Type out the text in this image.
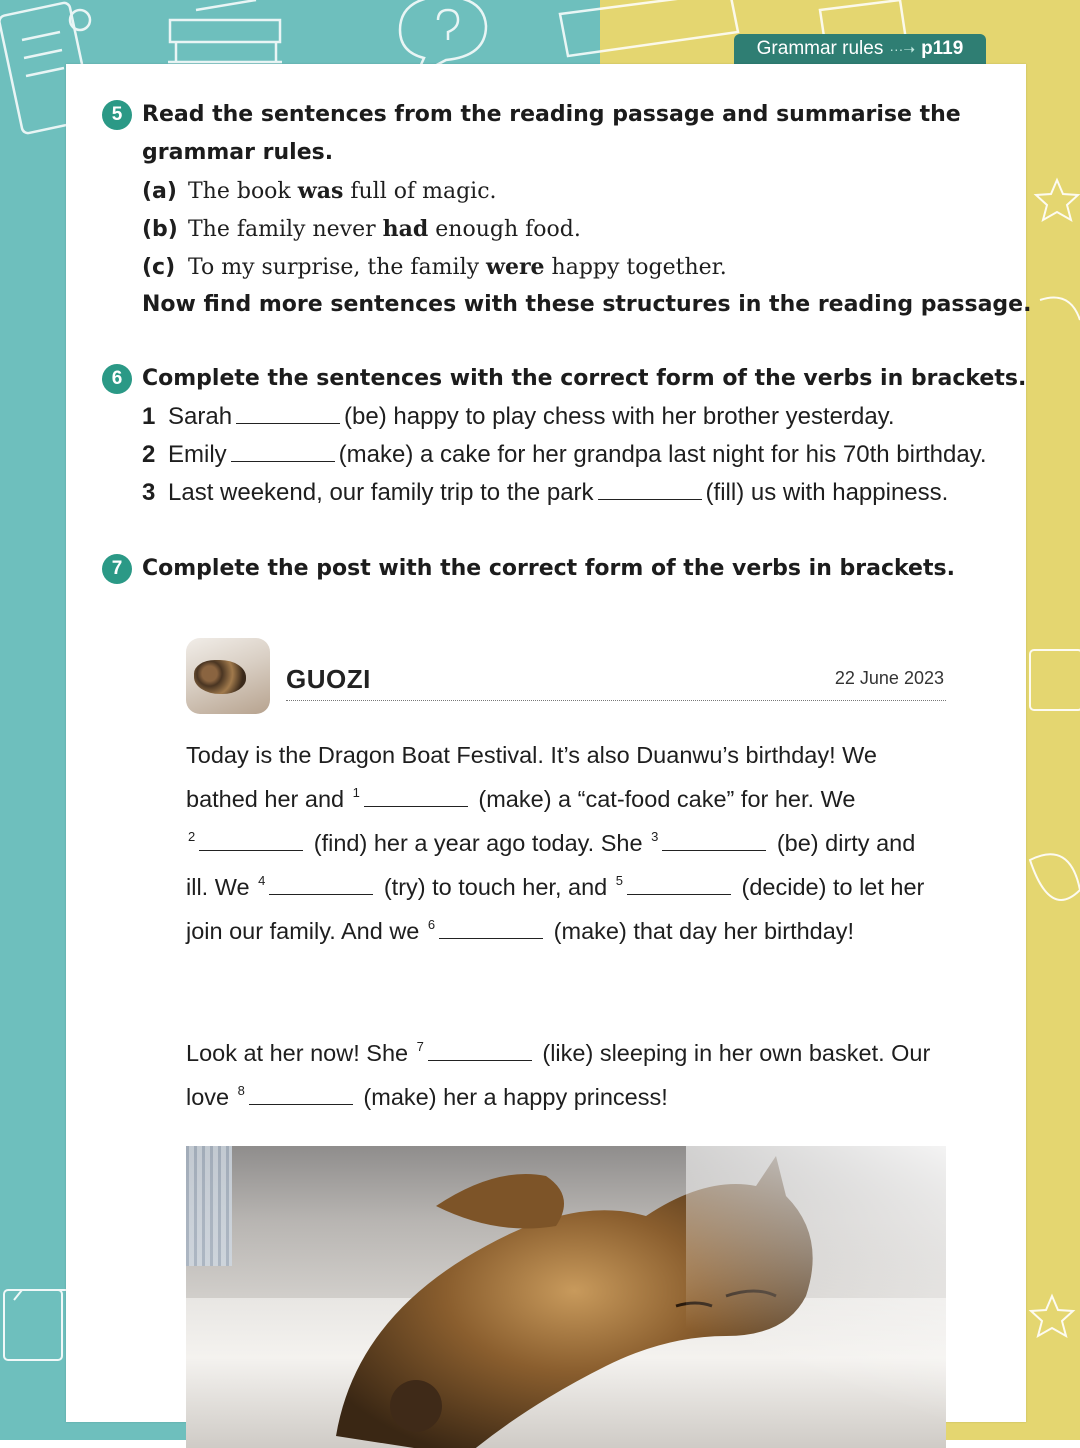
Grammar rules ···➝ p119
5 Read the sentences from the reading passage and summarise the
grammar rules.
(a) The book was full of magic.
(b) The family never had enough food.
(c) To my surprise, the family were happy together.
Now find more sentences with these structures in the reading passage.
6 Complete the sentences with the correct form of the verbs in brackets.
1 Sarah	(be) happy to play chess with her brother yesterday.
2 Emily	(make) a cake for her grandpa last night for his 70th birthday.
3 Last weekend, our family trip to the park	(fill) us with happiness.
7 Complete the post with the correct form of the verbs in brackets.
GUOZI	22 June 2023
Today is the Dragon Boat Festival. It’s also Duanwu’s birthday! We
bathed her and $^1$	(make) a “cat-food cake” for her. We
$^2$	(find) her a year ago today. She $^3$	(be) dirty and
ill. We $^4$	(try) to touch her, and $^5$	(decide) to let her
join our family. And we $^6$	(make) that day her birthday!
Look at her now! She $^7$	(like) sleeping in her own basket. Our
love $^8$	(make) her a happy princess!
